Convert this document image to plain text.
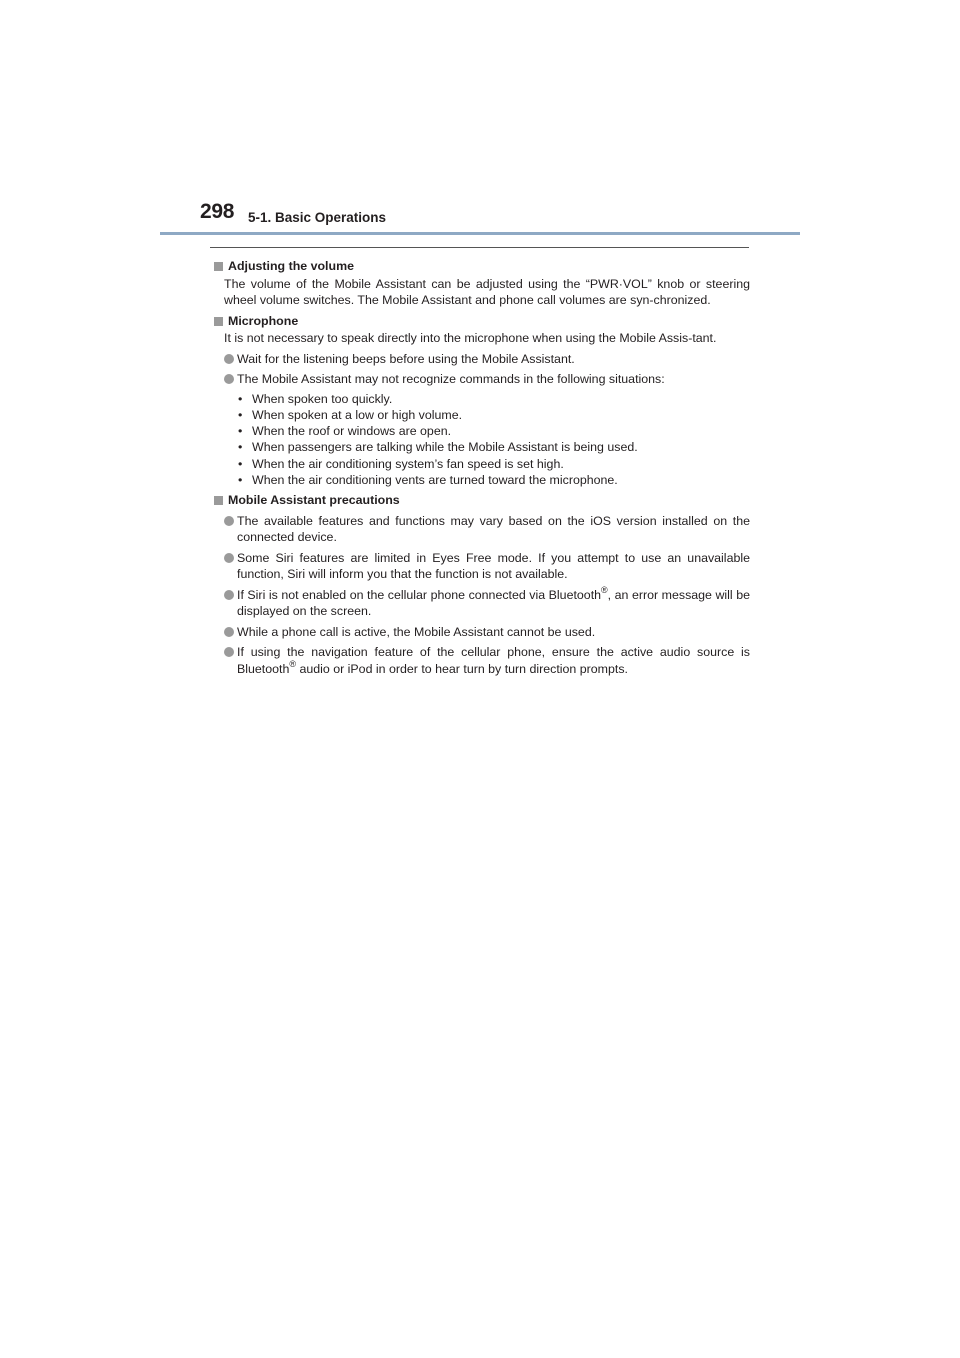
298 5-1. Basic Operations
Adjusting the volume
The volume of the Mobile Assistant can be adjusted using the “PWR·VOL” knob or steering wheel volume switches. The Mobile Assistant and phone call volumes are syn-chronized.
Microphone
It is not necessary to speak directly into the microphone when using the Mobile Assis-tant.
Wait for the listening beeps before using the Mobile Assistant.
The Mobile Assistant may not recognize commands in the following situations:
• When spoken too quickly.
• When spoken at a low or high volume.
• When the roof or windows are open.
• When passengers are talking while the Mobile Assistant is being used.
• When the air conditioning system’s fan speed is set high.
• When the air conditioning vents are turned toward the microphone.
Mobile Assistant precautions
The available features and functions may vary based on the iOS version installed on the connected device.
Some Siri features are limited in Eyes Free mode. If you attempt to use an unavailable function, Siri will inform you that the function is not available.
If Siri is not enabled on the cellular phone connected via Bluetooth®, an error message will be displayed on the screen.
While a phone call is active, the Mobile Assistant cannot be used.
If using the navigation feature of the cellular phone, ensure the active audio source is Bluetooth® audio or iPod in order to hear turn by turn direction prompts.
